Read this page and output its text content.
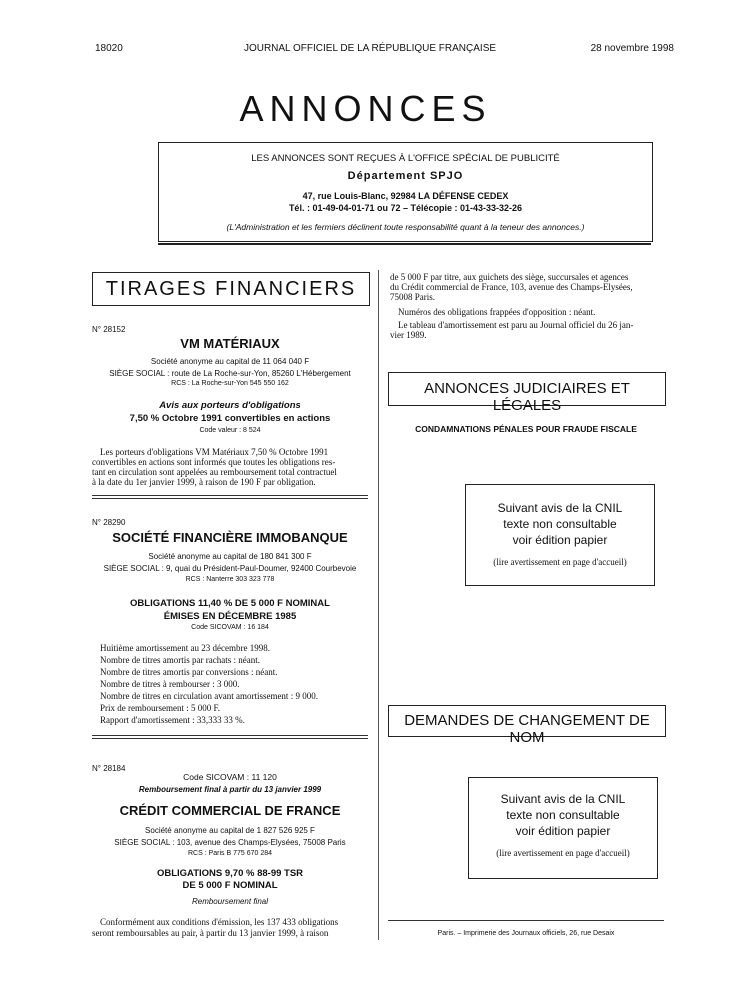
18020	JOURNAL OFFICIEL DE LA RÉPUBLIQUE FRANÇAISE	28 novembre 1998
ANNONCES
LES ANNONCES SONT REÇUES À L'OFFICE SPÉCIAL DE PUBLICITÉ
Département SPJO
47, rue Louis-Blanc, 92984 LA DÉFENSE CEDEX
Tél. : 01-49-04-01-71 ou 72 – Télécopie : 01-43-33-32-26
(L'Administration et les fermiers déclinent toute responsabilité quant à la teneur des annonces.)
TIRAGES FINANCIERS
N° 28152
VM MATÉRIAUX
Société anonyme au capital de 11 064 040 F
SIÈGE SOCIAL : route de La Roche-sur-Yon, 85260 L'Hébergement
RCS : La Roche-sur-Yon 545 550 162
Avis aux porteurs d'obligations
7,50 % Octobre 1991 convertibles en actions
Code valeur : 8 524
Les porteurs d'obligations VM Matériaux 7,50 % Octobre 1991
convertibles en actions sont informés que toutes les obligations res-
tant en circulation sont appelées au remboursement total contractuel
à la date du 1er janvier 1999, à raison de 190 F par obligation.
N° 28290
SOCIÉTÉ FINANCIÈRE IMMOBANQUE
Société anonyme au capital de 180 841 300 F
SIÈGE SOCIAL : 9, quai du Président-Paul-Doumer, 92400 Courbevoie
RCS : Nanterre 303 323 778
OBLIGATIONS 11,40 % DE 5 000 F NOMINAL
ÉMISES EN DÉCEMBRE 1985
Code SICOVAM : 16 184
Huitième amortissement au 23 décembre 1998.
Nombre de titres amortis par rachats : néant.
Nombre de titres amortis par conversions : néant.
Nombre de titres à rembourser : 3 000.
Nombre de titres en circulation avant amortissement : 9 000.
Prix de remboursement : 5 000 F.
Rapport d'amortissement : 33,333 33 %.
N° 28184
Code SICOVAM : 11 120
Remboursement final à partir du 13 janvier 1999
CRÉDIT COMMERCIAL DE FRANCE
Société anonyme au capital de 1 827 526 925 F
SIÈGE SOCIAL : 103, avenue des Champs-Elysées, 75008 Paris
RCS : Paris B 775 670 284
OBLIGATIONS 9,70 % 88-99 TSR
DE 5 000 F NOMINAL
Remboursement final
Conformément aux conditions d'émission, les 137 433 obligations
seront remboursables au pair, à partir du 13 janvier 1999, à raison
de 5 000 F par titre, aux guichets des siège, succursales et agences
du Crédit commercial de France, 103, avenue des Champs-Elysées,
75008 Paris.
Numéros des obligations frappées d'opposition : néant.
Le tableau d'amortissement est paru au Journal officiel du 26 jan-
vier 1989.
ANNONCES JUDICIAIRES ET LÉGALES
CONDAMNATIONS PÉNALES POUR FRAUDE FISCALE
Suivant avis de la CNIL
texte non consultable
voir édition papier
(lire avertissement en page d'accueil)
DEMANDES DE CHANGEMENT DE NOM
Suivant avis de la CNIL
texte non consultable
voir édition papier
(lire avertissement en page d'accueil)
Paris. – Imprimerie des Journaux officiels, 26, rue Desaix
